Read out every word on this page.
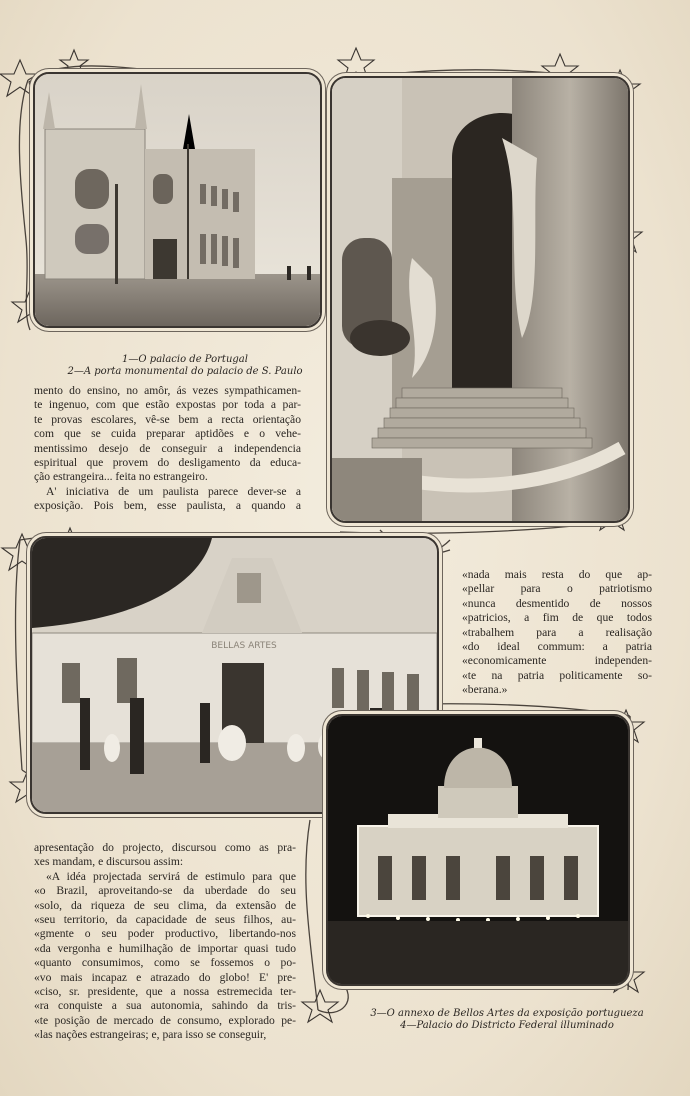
BELLAS ARTES
1—O palacio de Portugal
2—A porta monumental do palacio de S. Paulo
3—O annexo de Bellos Artes da exposição portugueza
4—Palacio do Districto Federal illuminado
mento do ensino, no amôr, ás vezes sympathicamen-
te ingenuo, com que estão expostas por toda a par-
te provas escolares, vê-se bem a recta orientação
com que se cuida preparar aptidões e o vehe-
mentissimo desejo de conseguir a independencia
espiritual que provem do desligamento da educa-
ção estrangeira... feita no estrangeiro.
A' iniciativa de um paulista parece dever-se a
exposição. Pois bem, esse paulista, a quando a
«nada mais resta do que ap-
«pellar para o patriotismo
«nunca desmentido de nossos
«patricios, a fim de que todos
«trabalhem para a realisação
«do ideal commum: a patria
«economicamente independen-
«te na patria politicamente so-
«berana.»
apresentação do projecto, discursou como as pra-
xes mandam, e discursou assim:
«A idéa projectada servirá de estimulo para que
«o Brazil, aproveitando-se da uberdade do seu
«solo, da riqueza de seu clima, da extensão de
«seu territorio, da capacidade de seus filhos, au-
«gmente o seu poder productivo, libertando-nos
«da vergonha e humilhação de importar quasi tudo
«quanto consumimos, como se fossemos o po-
«vo mais incapaz e atrazado do globo! E' pre-
«ciso, sr. presidente, que a nossa estremecida ter-
«ra conquiste a sua autonomia, sahindo da tris-
«te posição de mercado de consumo, explorado pe-
«las nações estrangeiras; e, para isso se conseguir,
